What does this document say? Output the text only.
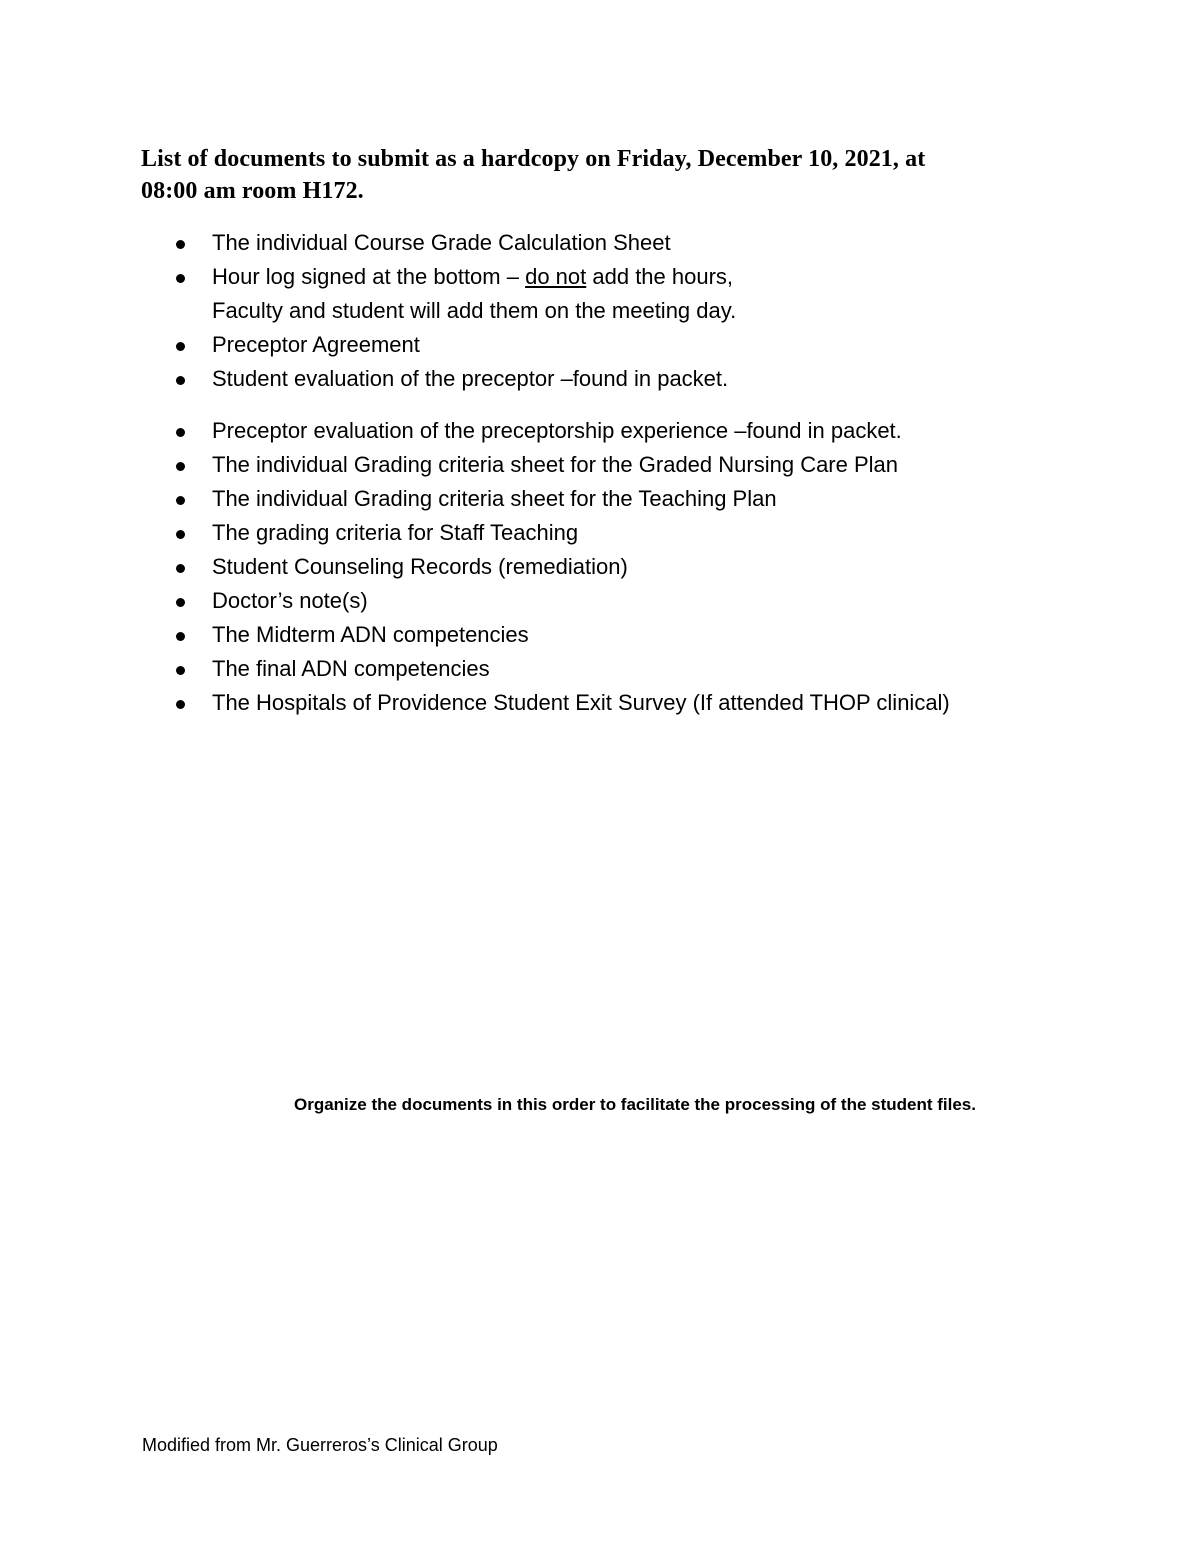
List of documents to submit as a hardcopy on Friday, December 10, 2021, at
08:00 am room H172.
The individual Course Grade Calculation Sheet
Hour log signed at the bottom – do not add the hours,
Faculty and student will add them on the meeting day.
Preceptor Agreement
Student evaluation of the preceptor –found in packet.
Preceptor evaluation of the preceptorship experience –found in packet.
The individual Grading criteria sheet for the Graded Nursing Care Plan
The individual Grading criteria sheet for the Teaching Plan
The grading criteria for Staff Teaching
Student Counseling Records (remediation)
Doctor’s note(s)
The Midterm ADN competencies
The final ADN competencies
The Hospitals of Providence Student Exit Survey (If attended THOP clinical)
Organize the documents in this order to facilitate the processing of the student files.
Modified from Mr. Guerreros’s Clinical Group
